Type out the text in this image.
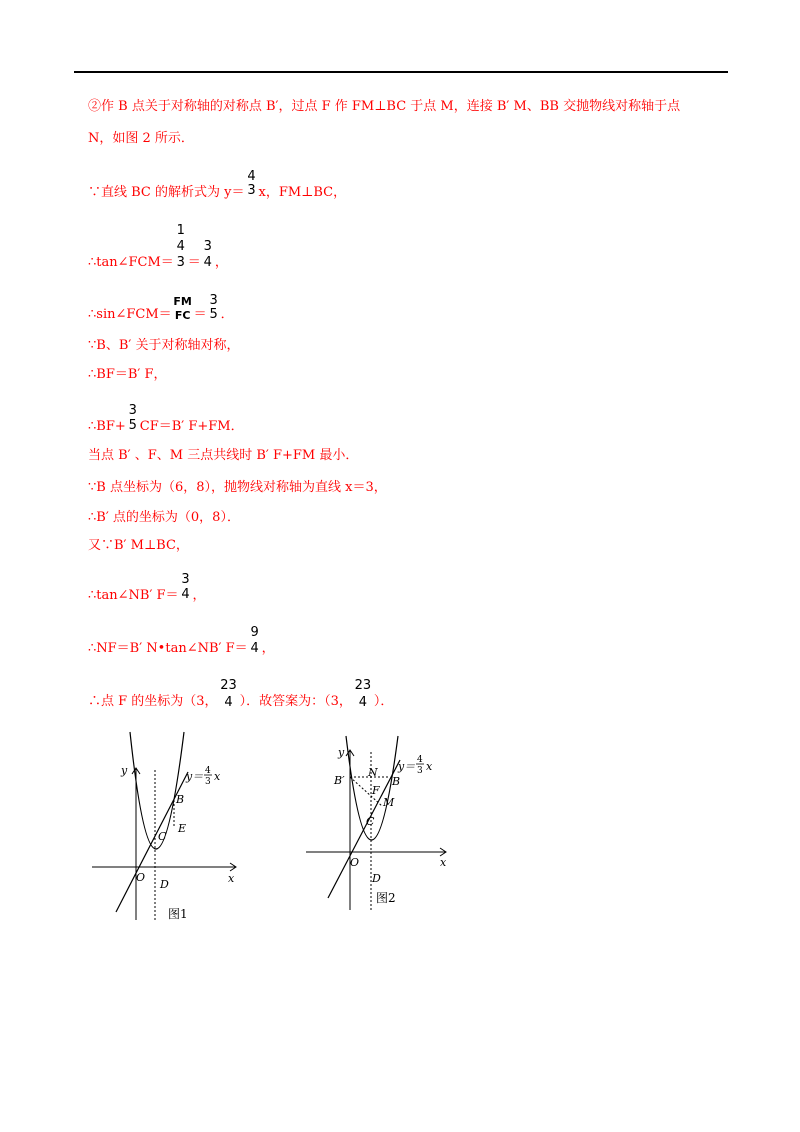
②作 B 点关于对称轴的对称点 B′，过点 F 作 FM⊥BC 于点 M，连接 B′ M、BB 交抛物线对称轴于点
N，如图 2 所示．
∵直线 BC 的解析式为 y＝
4
3 x，FM⊥BC，
∴tan∠FCM＝
1
4
3 ＝
3
4 ，
∴sin∠FCM＝
FM
FC ＝
3
5 ．
∵B、B′ 关于对称轴对称，
∴BF＝B′ F，
∴BF+
3
5 CF＝B′ F+FM．
当点 B′ 、F、M 三点共线时 B′ F+FM 最小．
∵B 点坐标为（6，8），抛物线对称轴为直线 x＝3，
∴B′ 点的坐标为（0，8）．
又∵B′ M⊥BC，
∴tan∠NB′ F＝
3
4 ，
∴NF＝B′ N•tan∠NB′ F＝
9
4 ，
∴点 F 的坐标为（3，
23
4 ）．故答案为：（3，
23
4 ）．
y
x
O
B
C
E
D
y＝ 4
3 x
图1
y
x
O
B
B′
N
F
M
C
D
y＝ 4
3 x
图2
